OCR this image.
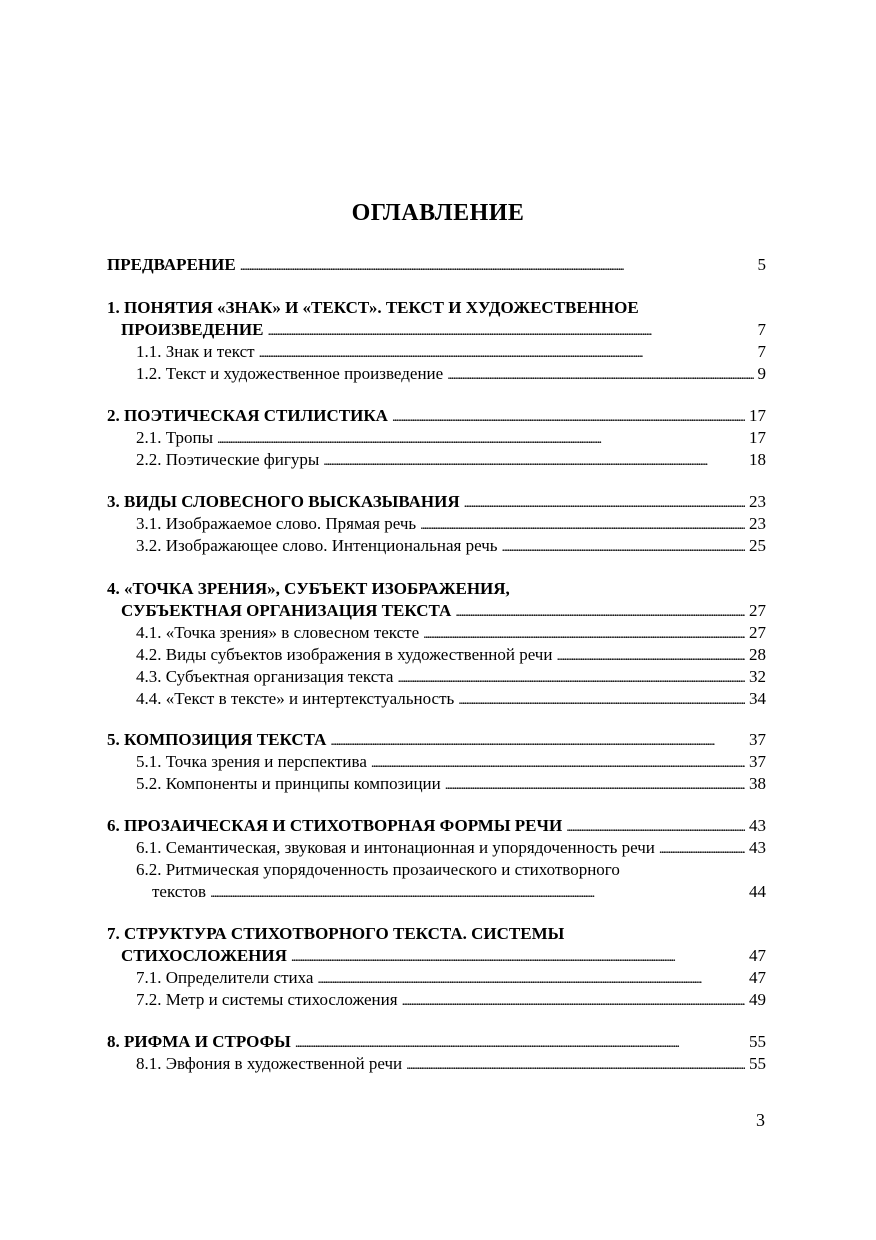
ОГЛАВЛЕНИЕ
ПРЕДВАРЕНИЕ . . .	5
1. ПОНЯТИЯ «ЗНАК» И «ТЕКСТ». ТЕКСТ И ХУДОЖЕСТВЕННОЕ
ПРОИЗВЕДЕНИЕ . . .	7
1.1. Знак и текст . . .	7
1.2. Текст и художественное произведение . . .	9
2. ПОЭТИЧЕСКАЯ СТИЛИСТИКА . . .	17
2.1. Тропы . . .	17
2.2. Поэтические фигуры . . .	18
3. ВИДЫ СЛОВЕСНОГО ВЫСКАЗЫВАНИЯ . . .	23
3.1. Изображаемое слово. Прямая речь . . .	23
3.2. Изображающее слово. Интенциональная речь . . .	25
4. «ТОЧКА ЗРЕНИЯ», СУБЪЕКТ ИЗОБРАЖЕНИЯ,
СУБЪЕКТНАЯ ОРГАНИЗАЦИЯ ТЕКСТА . . .	27
4.1. «Точка зрения» в словесном тексте . . .	27
4.2. Виды субъектов изображения в художественной речи . . .	28
4.3. Субъектная организация текста . . .	32
4.4. «Текст в тексте» и интертекстуальность . . .	34
5. КОМПОЗИЦИЯ ТЕКСТА . . .	37
5.1. Точка зрения и перспектива . . .	37
5.2. Компоненты и принципы композиции . . .	38
6. ПРОЗАИЧЕСКАЯ И СТИХОТВОРНАЯ ФОРМЫ РЕЧИ . . .	43
6.1. Семантическая, звуковая и интонационная и упорядоченность речи . . .	43
6.2. Ритмическая упорядоченность прозаического и стихотворного
текстов . . .	44
7. СТРУКТУРА СТИХОТВОРНОГО ТЕКСТА. СИСТЕМЫ
СТИХОСЛОЖЕНИЯ . . .	47
7.1. Определители стиха . . .	47
7.2. Метр и системы стихосложения . . .	49
8. РИФМА И СТРОФЫ . . .	55
8.1. Эвфония в художественной речи . . .	55
3
